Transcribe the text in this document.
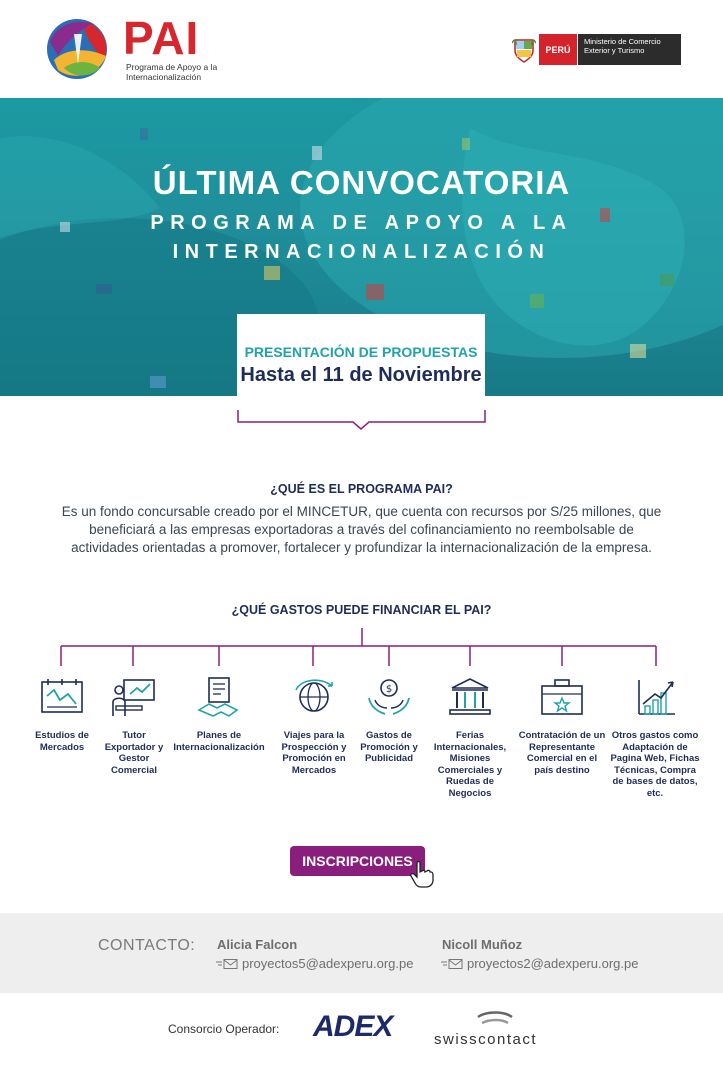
PAI
Programa de Apoyo a la Internacionalización
PERÚ
Ministerio de Comercio Exterior y Turismo
ÚLTIMA CONVOCATORIA
PROGRAMA DE APOYO A LA
INTERNACIONALIZACIÓN
PRESENTACIÓN DE PROPUESTAS
Hasta el 11 de Noviembre
¿QUÉ ES EL PROGRAMA PAI?
Es un fondo concursable creado por el MINCETUR, que cuenta con recursos por S/25 millones, que beneficiará a las empresas exportadoras a través del cofinanciamiento no reembolsable de actividades orientadas a promover, fortalecer y profundizar la internacionalización de la empresa.
¿QUÉ GASTOS PUEDE FINANCIAR EL PAI?
Estudios de Mercados
Tutor Exportador y Gestor Comercial
Planes de Internacionalización
Viajes para la Prospección y Promoción en Mercados
$
Gastos de Promoción y Publicidad
Ferias Internacionales, Misiones Comerciales y Ruedas de Negocios
Contratación de un Representante Comercial en el país destino
Otros gastos como Adaptación de Pagina Web, Fichas Técnicas, Compra de bases de datos, etc.
INSCRIPCIONES
CONTACTO: Alicia Falcon
proyectos5@adexperu.org.pe
Nicoll Muñoz
proyectos2@adexperu.org.pe
Consorcio Operador: ADEX	swisscontact
